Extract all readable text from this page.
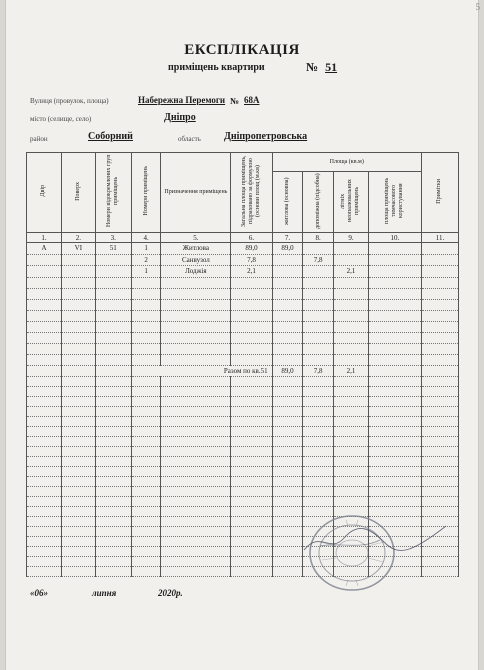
5
ЕКСПЛІКАЦІЯ
приміщень квартири	№ 51
Вулиця (провулок, площа)	Набережна Перемоги № 68А
місто (селище, село)	Дніпро
район	Соборний	область Дніпропетровська
Двір	Поверх	Номери відокремлених груп приміщень	Номери приміщень	Призначення приміщень	Загальна площа приміщень, підраховано за формулою (основи площ (м.кв)	Площа (кв.м)				Примітки
						житлова (основна)	допоміжна (підсобна)	літніх неопалювальних приміщень	площа приміщень тимчасового користування	
1.	2.	3.	4.	5.	6.	7.	8.	9.	10.	11.
А	VI	51	1	Житлова	89,0	89,0				
			2	Санвузол	7,8		7,8			
			1	Лоджія	2,1			2,1		

			Разом по кв.51			89,0	7,8	2,1		

«06»	липня	2020р.
